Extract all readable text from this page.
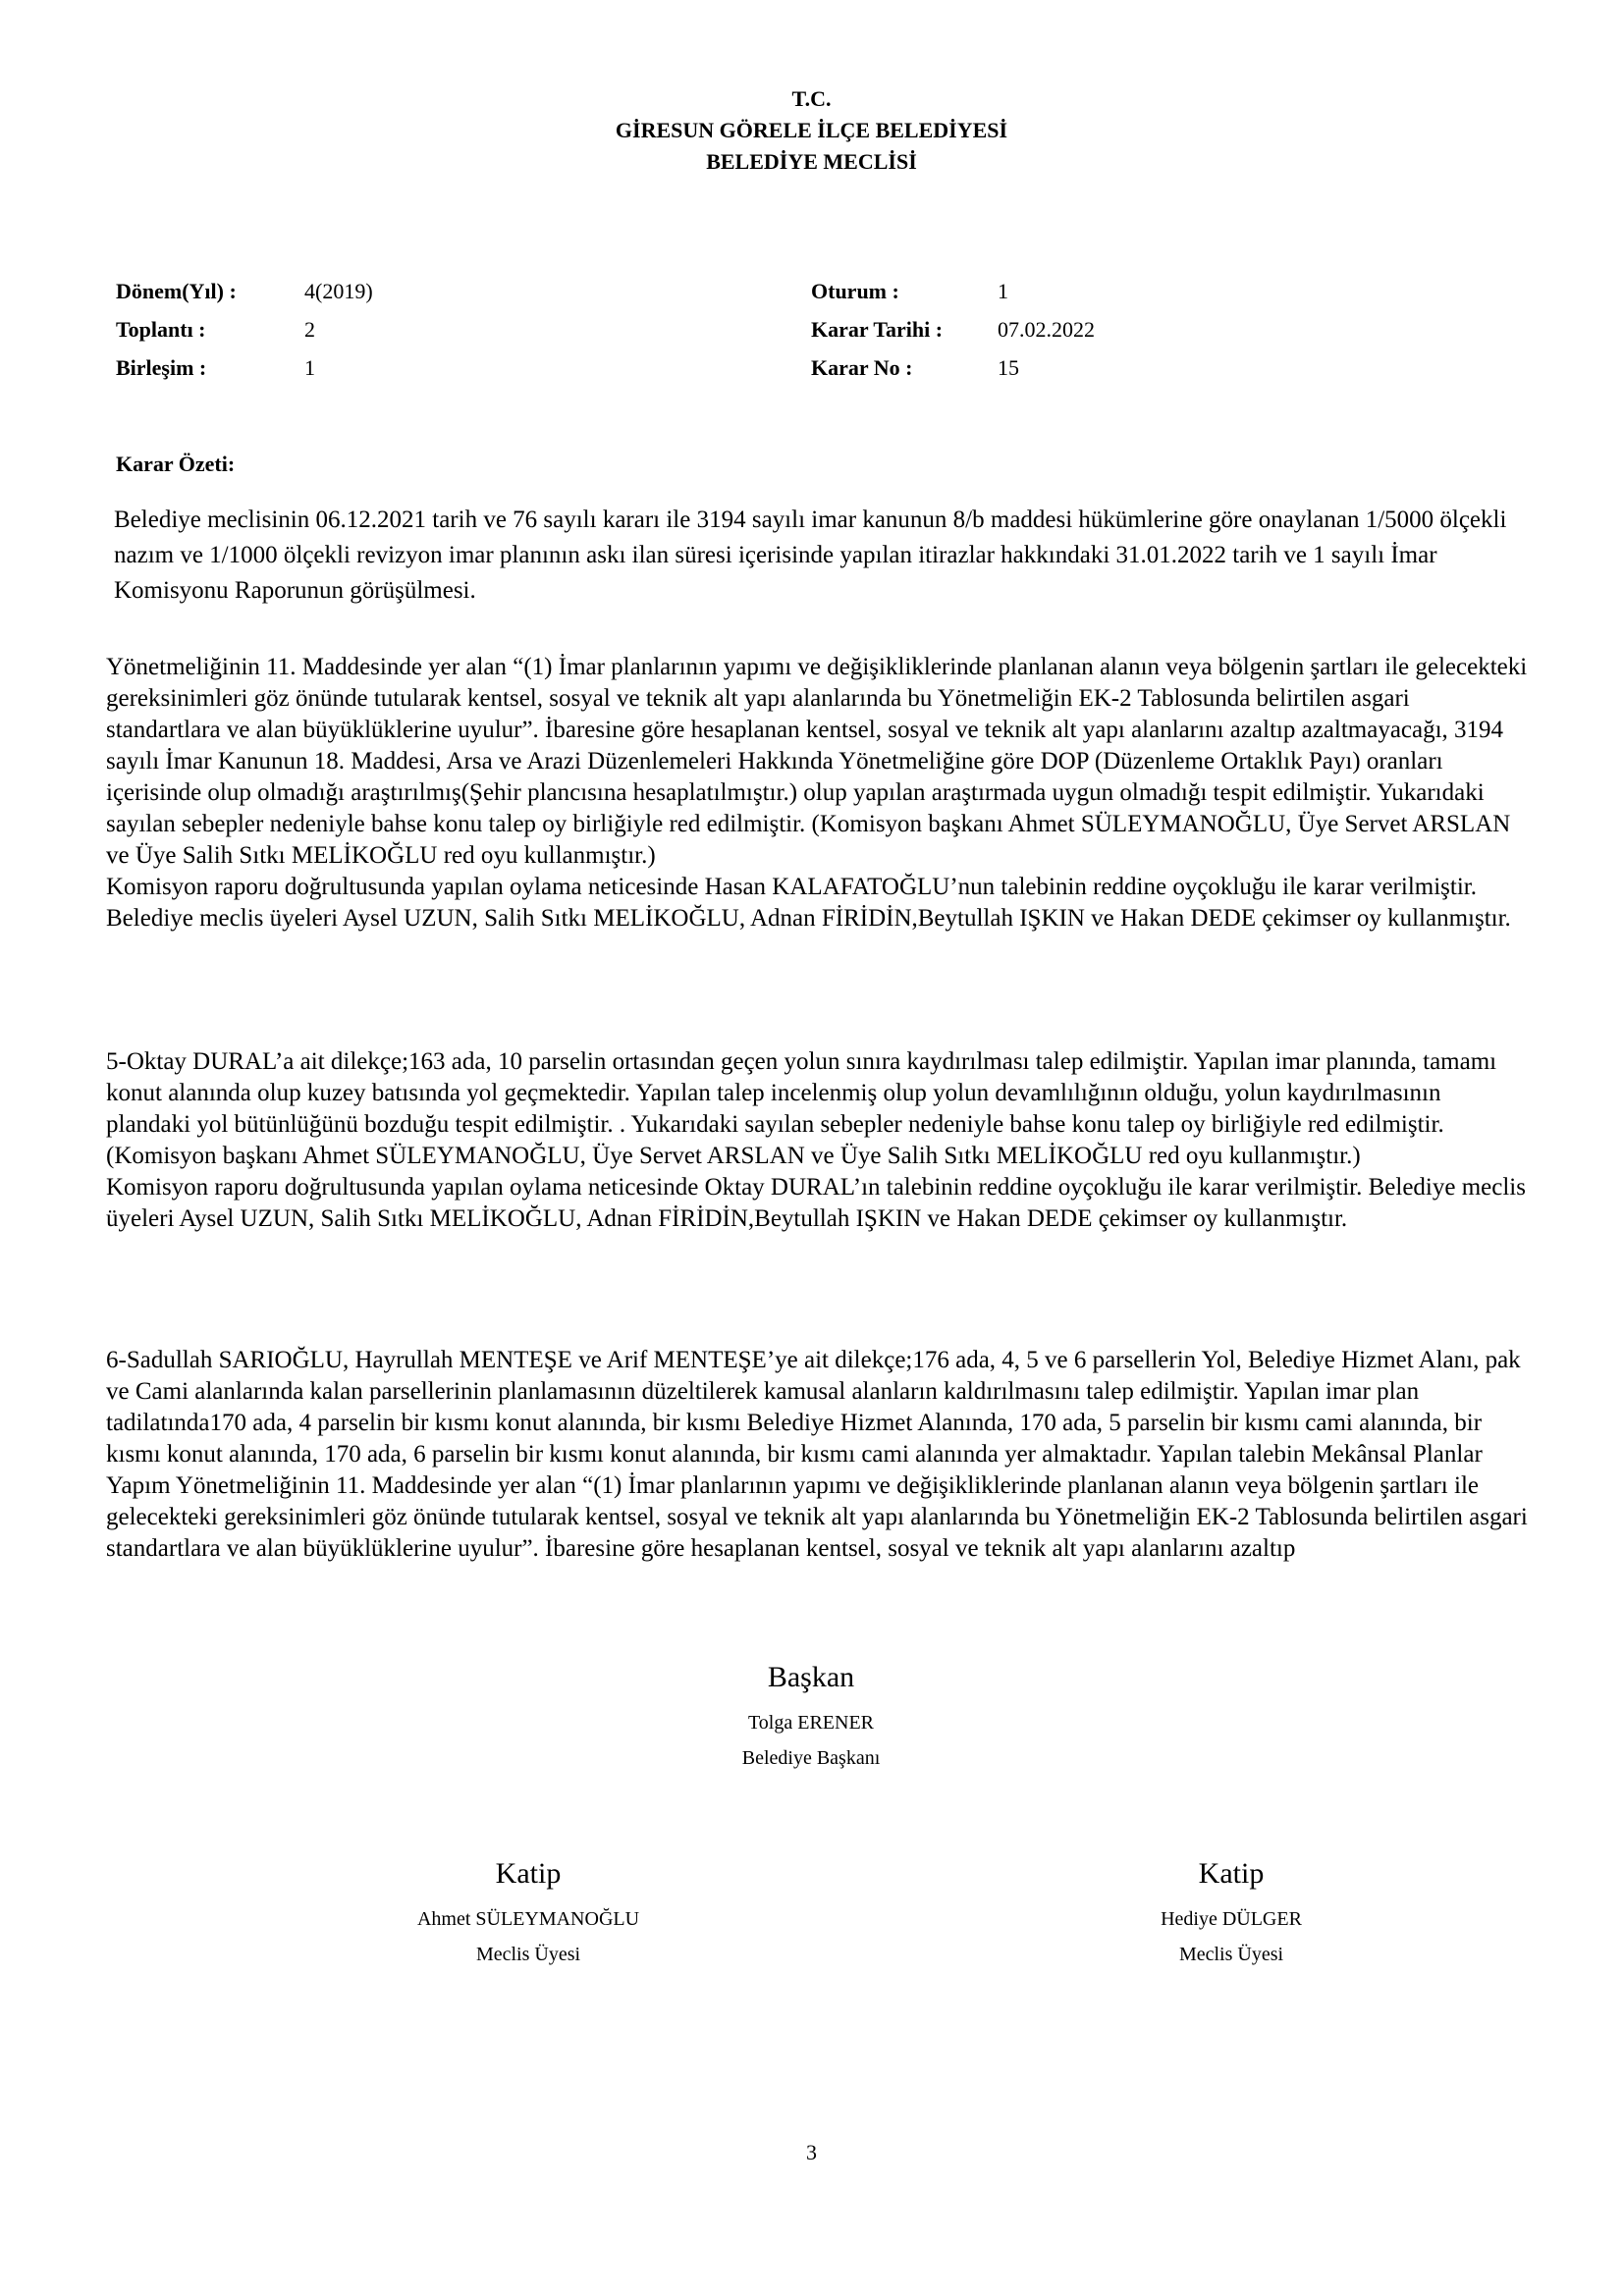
T.C.
GİRESUN GÖRELE İLÇE BELEDİYESİ
BELEDİYE MECLİSİ
Dönem(Yıl) :	4(2019)
Toplantı :	2
Birleşim :	1
Oturum :	1
Karar Tarihi :	07.02.2022
Karar No :	15
Karar Özeti:
Belediye meclisinin 06.12.2021 tarih ve 76 sayılı kararı ile 3194 sayılı imar kanunun 8/b maddesi hükümlerine göre onaylanan 1/5000 ölçekli nazım ve 1/1000 ölçekli revizyon imar planının askı ilan süresi içerisinde yapılan itirazlar hakkındaki 31.01.2022 tarih ve 1 sayılı İmar Komisyonu Raporunun görüşülmesi.

Yönetmeliğinin 11. Maddesinde yer alan “(1) İmar planlarının yapımı ve değişikliklerinde planlanan alanın veya bölgenin şartları ile gelecekteki gereksinimleri göz önünde tutularak kentsel, sosyal ve teknik alt yapı alanlarında bu Yönetmeliğin EK-2 Tablosunda belirtilen asgari standartlara ve alan büyüklüklerine uyulur”. İbaresine göre hesaplanan kentsel, sosyal ve teknik alt yapı alanlarını azaltıp azaltmayacağı, 3194 sayılı İmar Kanunun 18. Maddesi, Arsa ve Arazi Düzenlemeleri Hakkında Yönetmeliğine göre DOP (Düzenleme Ortaklık Payı) oranları içerisinde olup olmadığı araştırılmış(Şehir plancısına hesaplatılmıştır.) olup yapılan araştırmada uygun olmadığı tespit edilmiştir. Yukarıdaki sayılan sebepler nedeniyle bahse konu talep oy birliğiyle red edilmiştir. (Komisyon başkanı Ahmet SÜLEYMANOĞLU, Üye Servet ARSLAN ve Üye Salih Sıtkı MELİKOĞLU red oyu kullanmıştır.)

Komisyon raporu doğrultusunda yapılan oylama neticesinde Hasan KALAFATOĞLU’nun talebinin reddine oyçokluğu ile karar verilmiştir. Belediye meclis üyeleri Aysel UZUN, Salih Sıtkı MELİKOĞLU, Adnan FİRİDİN,Beytullah IŞKIN ve Hakan DEDE çekimser oy kullanmıştır.

5-Oktay DURAL’a ait dilekçe;163 ada, 10 parselin ortasından geçen yolun sınıra kaydırılması talep edilmiştir. Yapılan imar planında, tamamı konut alanında olup kuzey batısında yol geçmektedir. Yapılan talep incelenmiş olup yolun devamlılığının olduğu, yolun kaydırılmasının plandaki yol bütünlüğünü bozduğu tespit edilmiştir. . Yukarıdaki sayılan sebepler nedeniyle bahse konu talep oy birliğiyle red edilmiştir. (Komisyon başkanı Ahmet SÜLEYMANOĞLU, Üye Servet ARSLAN ve Üye Salih Sıtkı MELİKOĞLU red oyu kullanmıştır.)

Komisyon raporu doğrultusunda yapılan oylama neticesinde Oktay DURAL’ın talebinin reddine oyçokluğu ile karar verilmiştir. Belediye meclis üyeleri Aysel UZUN, Salih Sıtkı MELİKOĞLU, Adnan FİRİDİN,Beytullah IŞKIN ve Hakan DEDE çekimser oy kullanmıştır.

6-Sadullah SARIOĞLU, Hayrullah MENTEŞE ve Arif MENTEŞE’ye ait dilekçe;176 ada, 4, 5 ve 6 parsellerin Yol, Belediye Hizmet Alanı, pak ve Cami alanlarında kalan parsellerinin planlamasının düzeltilerek kamusal alanların kaldırılmasını talep edilmiştir. Yapılan imar plan tadilatında170 ada, 4 parselin bir kısmı konut alanında, bir kısmı Belediye Hizmet Alanında, 170 ada, 5 parselin bir kısmı cami alanında, bir kısmı konut alanında, 170 ada, 6 parselin bir kısmı konut alanında, bir kısmı cami alanında yer almaktadır. Yapılan talebin Mekânsal Planlar Yapım Yönetmeliğinin 11. Maddesinde yer alan “(1) İmar planlarının yapımı ve değişikliklerinde planlanan alanın veya bölgenin şartları ile gelecekteki gereksinimleri göz önünde tutularak kentsel, sosyal ve teknik alt yapı alanlarında bu Yönetmeliğin EK-2 Tablosunda belirtilen asgari standartlara ve alan büyüklüklerine uyulur”. İbaresine göre hesaplanan kentsel, sosyal ve teknik alt yapı alanlarını azaltıp

Başkan
Tolga ERENER
Belediye Başkanı
Katip
Ahmet SÜLEYMANOĞLU
Meclis Üyesi
Katip
Hediye DÜLGER
Meclis Üyesi
3
